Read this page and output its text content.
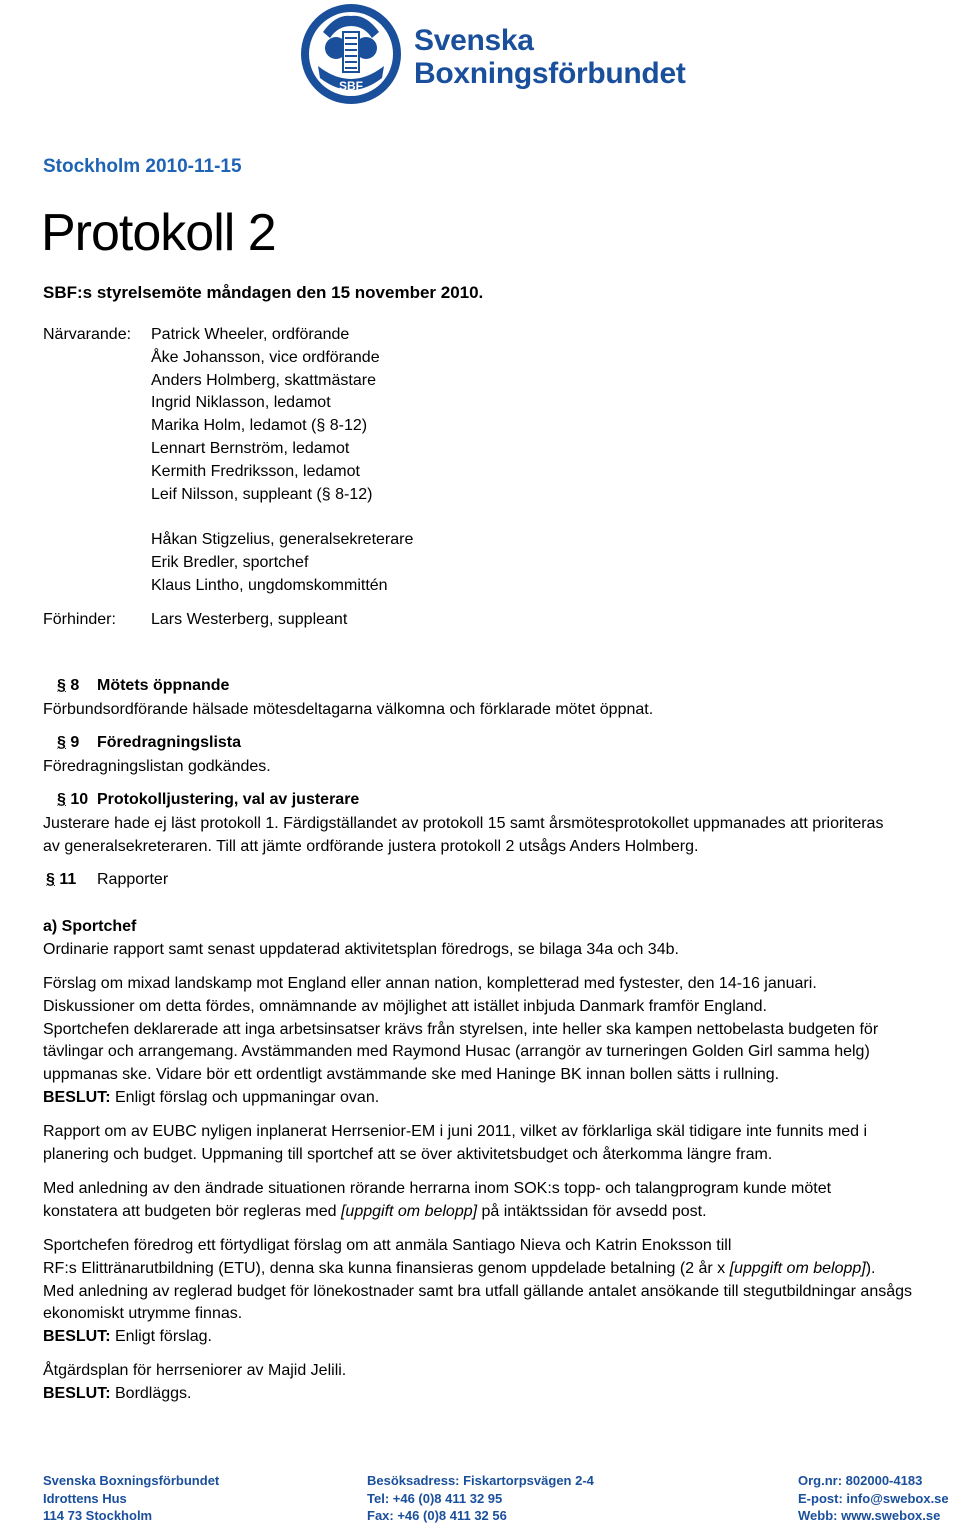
SBF
Svenska
Boxningsförbundet
Stockholm 2010-11-15
Protokoll 2
SBF:s styrelsemöte måndagen den 15 november 2010.
Närvarande: Patrick Wheeler, ordförande
Åke Johansson, vice ordförande
Anders Holmberg, skattmästare
Ingrid Niklasson, ledamot
Marika Holm, ledamot (§ 8-12)
Lennart Bernström, ledamot
Kermith Fredriksson, ledamot
Leif Nilsson, suppleant (§ 8-12)
Håkan Stigzelius, generalsekreterare
Erik Bredler, sportchef
Klaus Lintho, ungdomskommittén
Förhinder: Lars Westerberg, suppleant
§ 8 Mötets öppnande
Förbundsordförande hälsade mötesdeltagarna välkomna och förklarade mötet öppnat.
§ 9 Föredragningslista
Föredragningslistan godkändes.
§ 10 Protokolljustering, val av justerare
Justerare hade ej läst protokoll 1. Färdigställandet av protokoll 15 samt årsmötesprotokollet uppmanades att prioriteras
av generalsekreteraren. Till att jämte ordförande justera protokoll 2 utsågs Anders Holmberg.
§ 11 Rapporter
a) Sportchef
Ordinarie rapport samt senast uppdaterad aktivitetsplan föredrogs, se bilaga 34a och 34b.
Förslag om mixad landskamp mot England eller annan nation, kompletterad med fystester, den 14-16 januari.
Diskussioner om detta fördes, omnämnande av möjlighet att istället inbjuda Danmark framför England.
Sportchefen deklarerade att inga arbetsinsatser krävs från styrelsen, inte heller ska kampen nettobelasta budgeten för
tävlingar och arrangemang. Avstämmanden med Raymond Husac (arrangör av turneringen Golden Girl samma helg)
uppmanas ske. Vidare bör ett ordentligt avstämmande ske med Haninge BK innan bollen sätts i rullning.
BESLUT: Enligt förslag och uppmaningar ovan.
Rapport om av EUBC nyligen inplanerat Herrsenior-EM i juni 2011, vilket av förklarliga skäl tidigare inte funnits med i
planering och budget. Uppmaning till sportchef att se över aktivitetsbudget och återkomma längre fram.
Med anledning av den ändrade situationen rörande herrarna inom SOK:s topp- och talangprogram kunde mötet
konstatera att budgeten bör regleras med [uppgift om belopp] på intäktssidan för avsedd post.
Sportchefen föredrog ett förtydligat förslag om att anmäla Santiago Nieva och Katrin Enoksson till
RF:s Elittränarutbildning (ETU), denna ska kunna finansieras genom uppdelade betalning (2 år x [uppgift om belopp]).
Med anledning av reglerad budget för lönekostnader samt bra utfall gällande antalet ansökande till stegutbildningar ansågs
ekonomiskt utrymme finnas.
BESLUT: Enligt förslag.
Åtgärdsplan för herrseniorer av Majid Jelili.
BESLUT: Bordläggs.
Svenska Boxningsförbundet
Idrottens Hus
114 73 Stockholm
Besöksadress: Fiskartorpsvägen 2-4
Tel: +46 (0)8 411 32 95
Fax: +46 (0)8 411 32 56
Org.nr: 802000-4183
E-post: info@swebox.se
Webb: www.swebox.se
